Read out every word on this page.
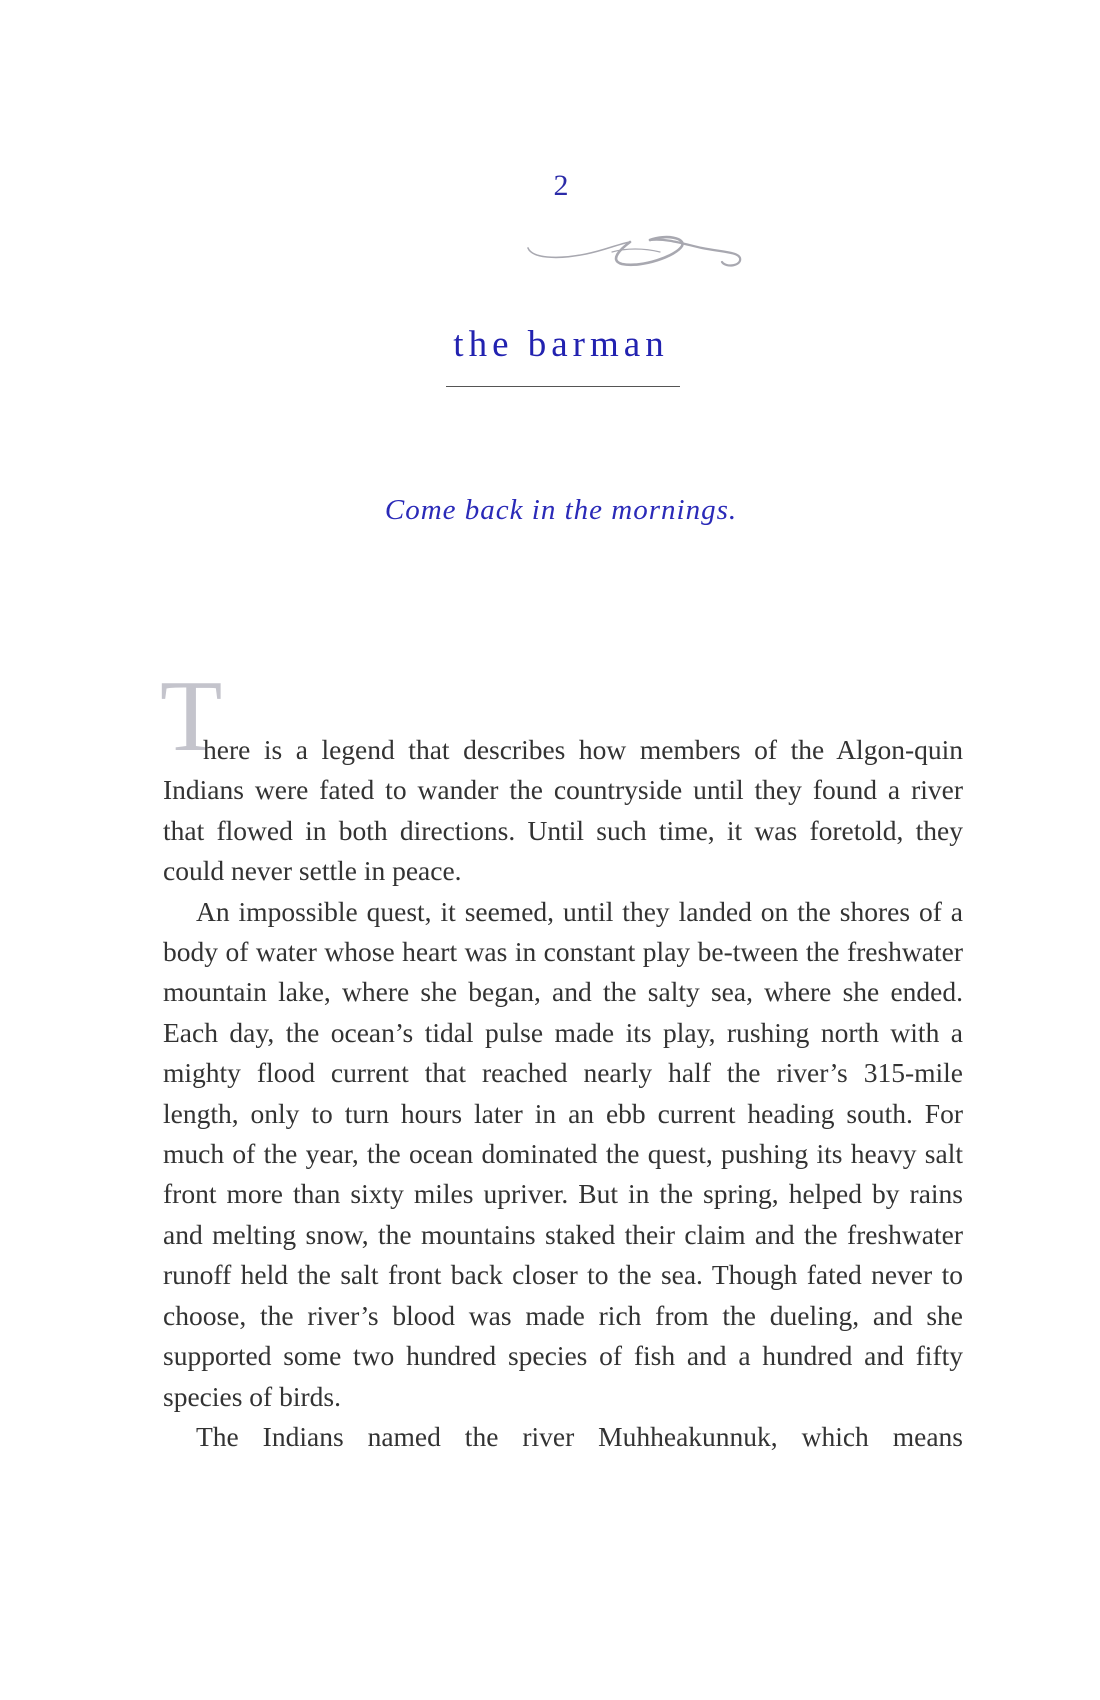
2
the barman
Come back in the mornings.
T

here is a legend that describes how members of the Algon-quin Indians were fated to wander the countryside until they found a river that flowed in both directions. Until such time, it was foretold, they could never settle in peace.

An impossible quest, it seemed, until they landed on the shores of a body of water whose heart was in constant play be-tween the freshwater mountain lake, where she began, and the salty sea, where she ended. Each day, the ocean’s tidal pulse made its play, rushing north with a mighty flood current that reached nearly half the river’s 315-mile length, only to turn hours later in an ebb current heading south. For much of the year, the ocean dominated the quest, pushing its heavy salt front more than sixty miles upriver. But in the spring, helped by rains and melting snow, the mountains staked their claim and the freshwater runoff held the salt front back closer to the sea. Though fated never to choose, the river’s blood was made rich from the dueling, and she supported some two hundred species of fish and a hundred and fifty species of birds.

The Indians named the river Muhheakunnuk, which means
